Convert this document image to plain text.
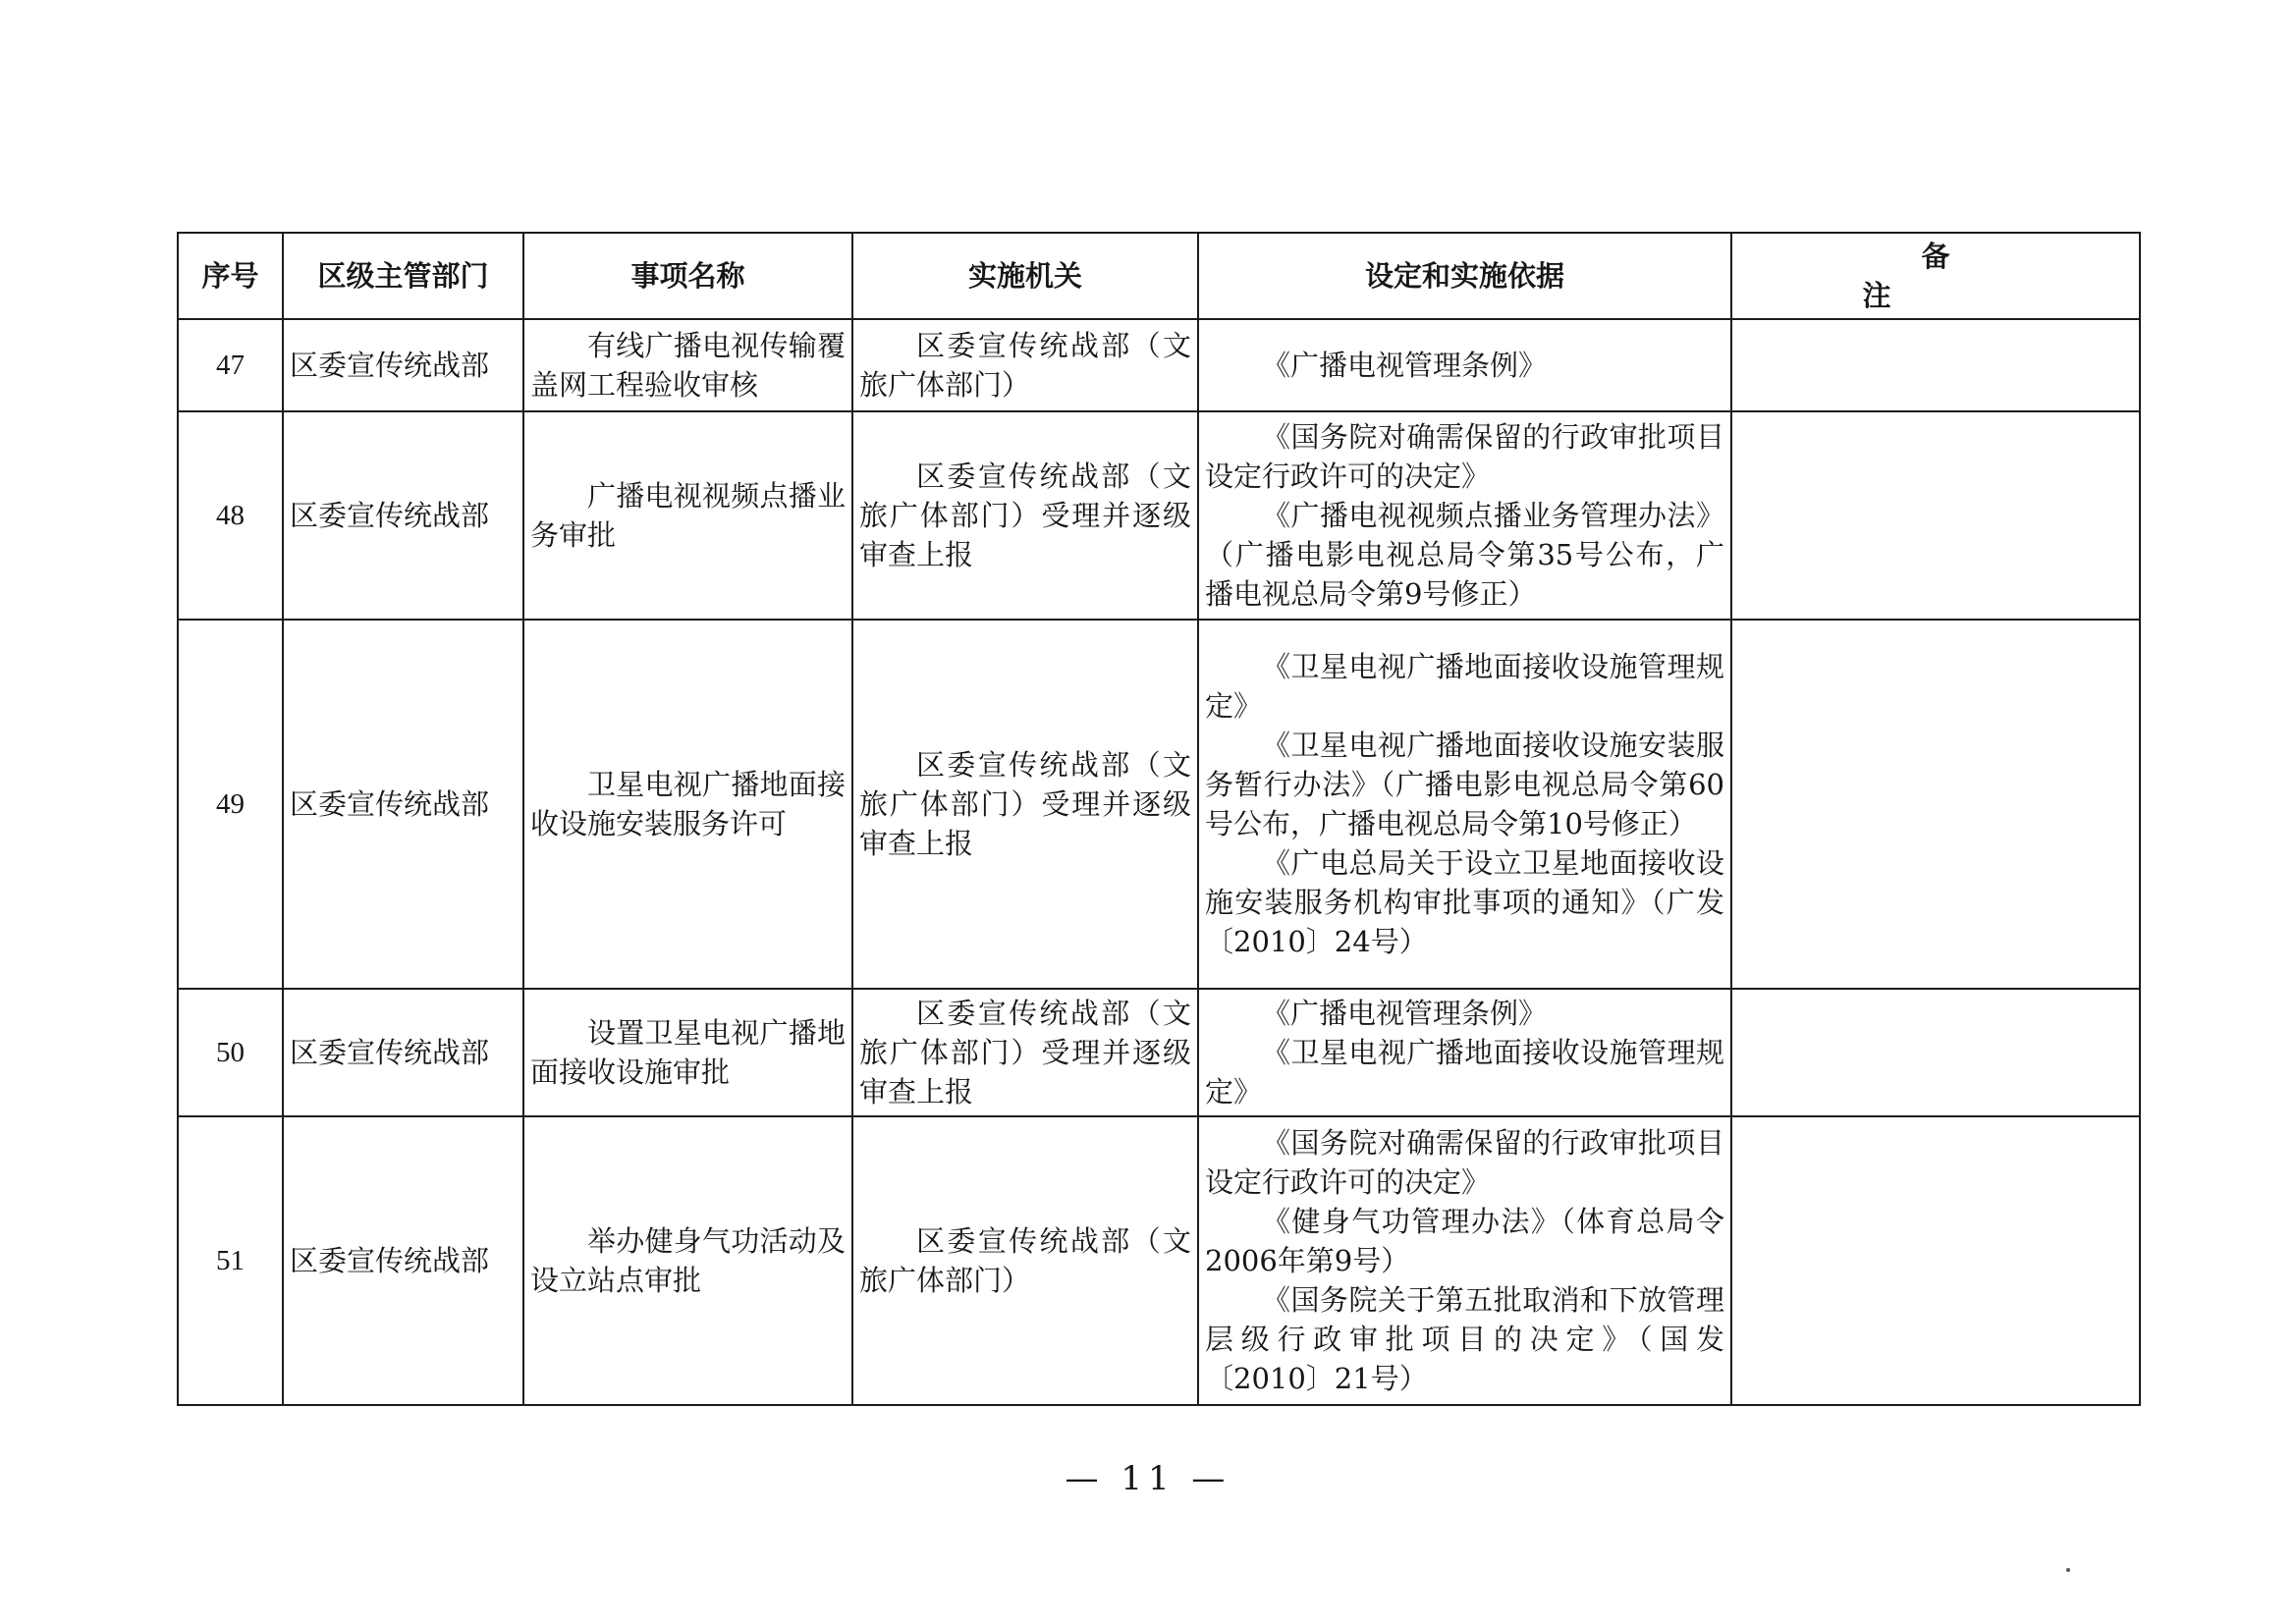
序号	区级主管部门	事项名称	实施机关	设定和实施依据	备注
47	区委宣传统战部	有线广播电视传输覆盖网工程验收审核	区委宣传统战部（文旅广体部门）	《广播电视管理条例》	

48	区委宣传统战部	广播电视视频点播业务审批	区委宣传统战部（文旅广体部门）受理并逐级审查上报	《国务院对确需保留的行政审批项目设定行政许可的决定》
《广播电视视频点播业务管理办法》（广播电影电视总局令第35号公布，广播电视总局令第9号修正）	

49	区委宣传统战部	卫星电视广播地面接收设施安装服务许可	区委宣传统战部（文旅广体部门）受理并逐级审查上报	《卫星电视广播地面接收设施管理规定》
《卫星电视广播地面接收设施安装服务暂行办法》（广播电影电视总局令第60号公布，广播电视总局令第10号修正）
《广电总局关于设立卫星地面接收设施安装服务机构审批事项的通知》（广发〔2010〕24号）	

50	区委宣传统战部	设置卫星电视广播地面接收设施审批	区委宣传统战部（文旅广体部门）受理并逐级审查上报	《广播电视管理条例》
《卫星电视广播地面接收设施管理规定》	

51	区委宣传统战部	举办健身气功活动及设立站点审批	区委宣传统战部（文旅广体部门）	《国务院对确需保留的行政审批项目设定行政许可的决定》
《健身气功管理办法》（体育总局令2006年第9号）
《国务院关于第五批取消和下放管理层级行政审批项目的决定》（国发〔2010〕21号）	

— 11 —
